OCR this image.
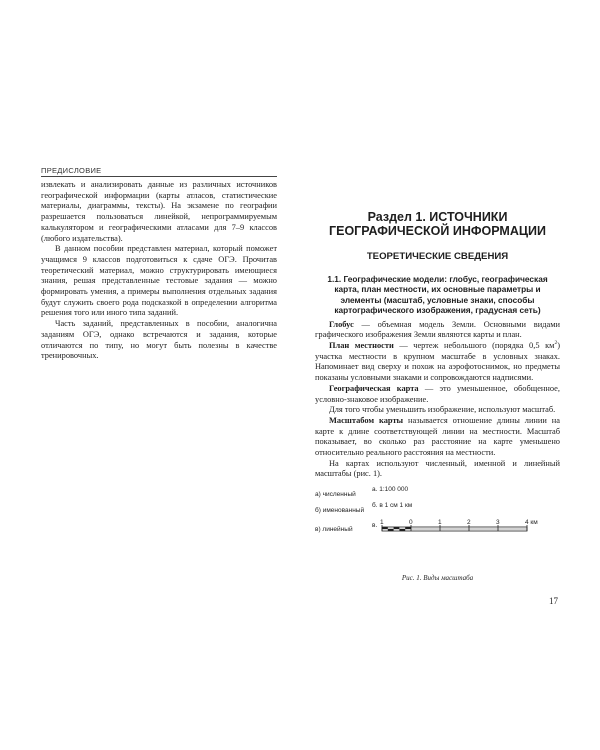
ПРЕДИСЛОВИЕ

извлекать и анализировать данные из различных источников географической информации (карты атласов, статистические материалы, диаграммы, тексты). На экзамене по географии разрешается пользоваться линейкой, непрограммируемым калькулятором и географическими атласами для 7–9 классов (любого издательства).

В данном пособии представлен материал, который поможет учащимся 9 классов подготовиться к сдаче ОГЭ. Прочитав теоретический материал, можно структурировать имеющиеся знания, решая представленные тестовые задания — можно формировать умения, а примеры выполнения отдельных задания будут служить своего рода подсказкой в определении алгоритма решения того или иного типа заданий.

Часть заданий, представленных в пособии, аналогична заданиям ОГЭ, однако встречаются и задания, которые отличаются по типу, но могут быть полезны в качестве тренировочных.

Раздел 1. ИСТОЧНИКИ ГЕОГРАФИЧЕСКОЙ ИНФОРМАЦИИ
ТЕОРЕТИЧЕСКИЕ СВЕДЕНИЯ
1.1. Географические модели: глобус, географическая карта, план местности, их основные параметры и элементы (масштаб, условные знаки, способы картографического изображения, градусная сеть)

Глобус — объемная модель Земли. Основными видами графического изображения Земли являются карты и план.

План местности — чертеж небольшого (порядка 0,5 $км^2$) участка местности в крупном масштабе в условных знаках. Напоминает вид сверху и похож на аэрофотоснимок, но предметы показаны условными знаками и сопровождаются надписями.

Географическая карта — это уменьшенное, обобщенное, условно-знаковое изображение.

Для того чтобы уменьшить изображение, используют масштаб.

Масштабом карты называется отношение длины линии на карте к длине соответствующей линии на местности. Масштаб показывает, во сколько раз расстояние на карте уменьшено относительно реального расстояния на местности.

На картах используют численный, именной и линейный масштабы (рис. 1).

а) численный
а. 1:100 000
б) именованный
б. в 1 см 1 км
в) линейный
в. 1	0	1	2	3	4 км
Рис. 1. Виды масштаба
17
